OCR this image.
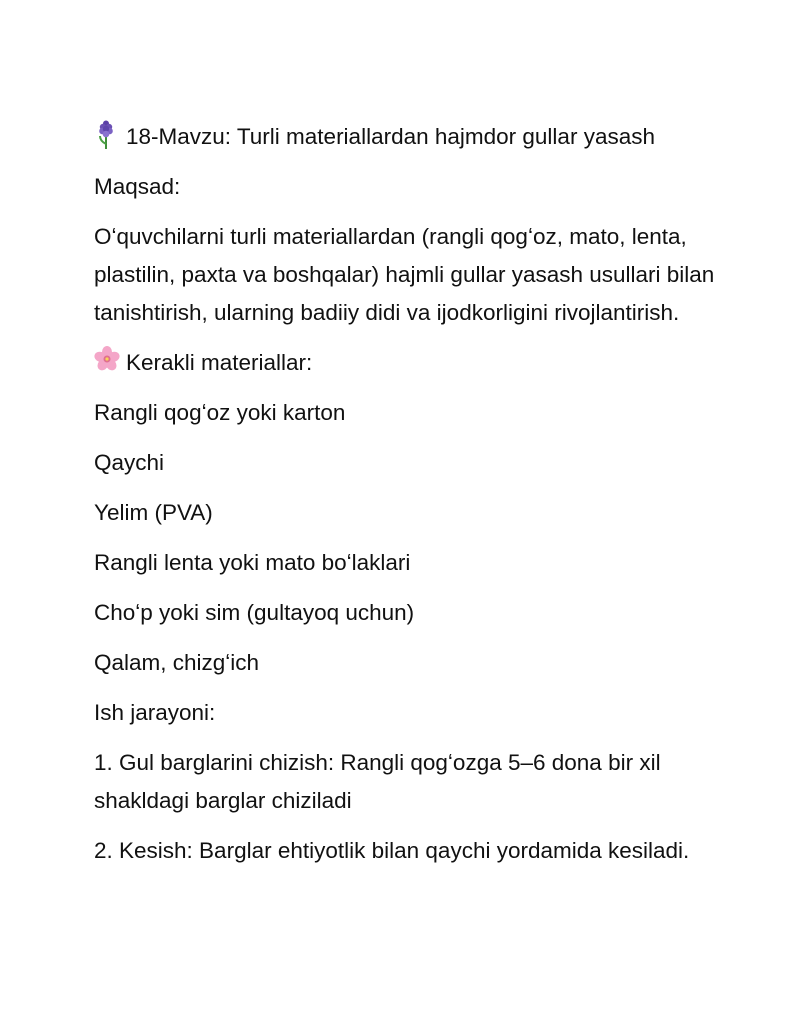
18-Mavzu: Turli materiallardan hajmdor gullar yasash
Maqsad:
Oʻquvchilarni turli materiallardan (rangli qogʻoz, mato, lenta, plastilin, paxta va boshqalar) hajmli gullar yasash usullari bilan tanishtirish, ularning badiiy didi va ijodkorligini rivojlantirish.
Kerakli materiallar:
Rangli qogʻoz yoki karton
Qaychi
Yelim (PVA)
Rangli lenta yoki mato boʻlaklari
Choʻp yoki sim (gultayoq uchun)
Qalam, chizgʻich
Ish jarayoni:
1. Gul barglarini chizish: Rangli qogʻozga 5–6 dona bir xil shakldagi barglar chiziladi
2. Kesish: Barglar ehtiyotlik bilan qaychi yordamida kesiladi.
